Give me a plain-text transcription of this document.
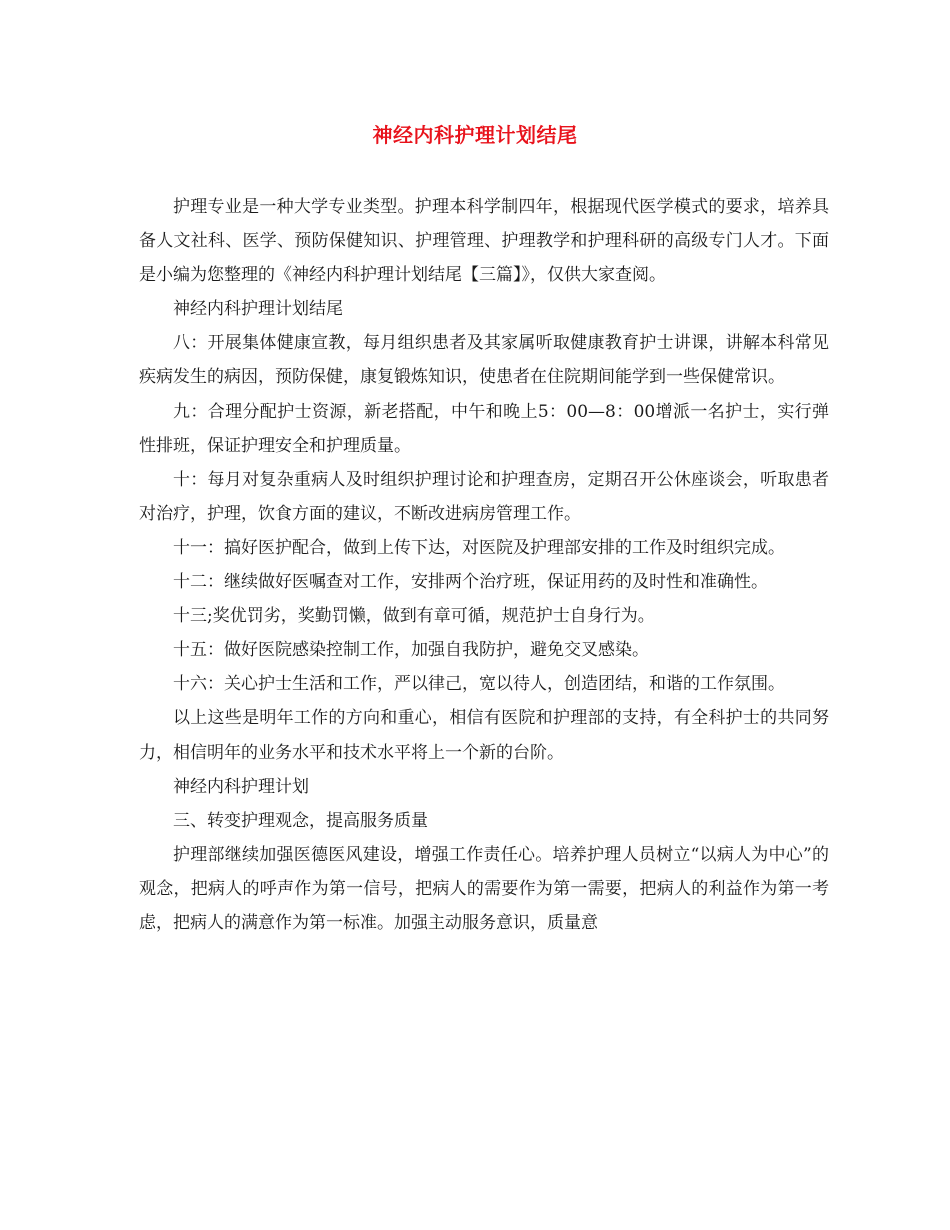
神经内科护理计划结尾

护理专业是一种大学专业类型。护理本科学制四年，根据现代医学模式的要求，培养具备人文社科、医学、预防保健知识、护理管理、护理教学和护理科研的高级专门人才。下面是小编为您整理的《神经内科护理计划结尾【三篇】》，仅供大家查阅。

神经内科护理计划结尾

八：开展集体健康宣教，每月组织患者及其家属听取健康教育护士讲课，讲解本科常见疾病发生的病因，预防保健，康复锻炼知识，使患者在住院期间能学到一些保健常识。

九：合理分配护士资源，新老搭配，中午和晚上5：00—8：00增派一名护士，实行弹性排班，保证护理安全和护理质量。

十：每月对复杂重病人及时组织护理讨论和护理查房，定期召开公休座谈会，听取患者对治疗，护理，饮食方面的建议，不断改进病房管理工作。

十一：搞好医护配合，做到上传下达，对医院及护理部安排的工作及时组织完成。

十二：继续做好医嘱查对工作，安排两个治疗班，保证用药的及时性和准确性。

十三;奖优罚劣，奖勤罚懒，做到有章可循，规范护士自身行为。

十五：做好医院感染控制工作，加强自我防护，避免交叉感染。

十六：关心护士生活和工作，严以律己，宽以待人，创造团结，和谐的工作氛围。

以上这些是明年工作的方向和重心，相信有医院和护理部的支持，有全科护士的共同努力，相信明年的业务水平和技术水平将上一个新的台阶。

神经内科护理计划

三、转变护理观念，提高服务质量

护理部继续加强医德医风建设，增强工作责任心。培养护理人员树立“以病人为中心”的观念，把病人的呼声作为第一信号，把病人的需要作为第一需要，把病人的利益作为第一考虑，把病人的满意作为第一标准。加强主动服务意识，质量意
